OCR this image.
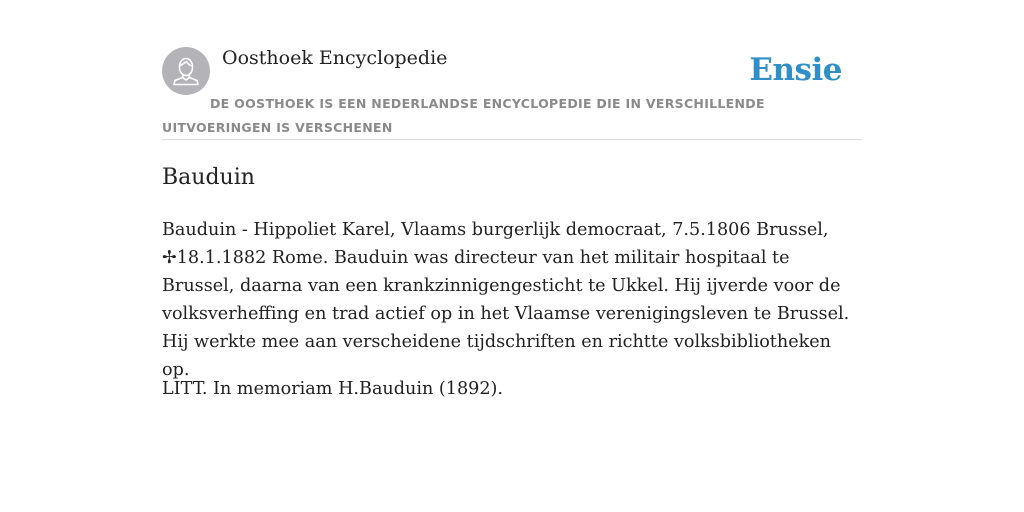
Oosthoek Encyclopedie	Ensie
DE OOSTHOEK IS EEN NEDERLANDSE ENCYCLOPEDIE DIE IN VERSCHILLENDE UITVOERINGEN IS VERSCHENEN
Bauduin

Bauduin - Hippoliet Karel, Vlaams burgerlijk democraat, 7.5.1806 Brussel, ✢18.1.1882 Rome. Bauduin was directeur van het militair hospitaal te Brussel, daarna van een krankzinnigengesticht te Ukkel. Hij ijverde voor de volksverheffing en trad actief op in het Vlaamse verenigingsleven te Brussel. Hij werkte mee aan verscheidene tijdschriften en richtte volksbibliotheken op.

LITT. In memoriam H.Bauduin (1892).
